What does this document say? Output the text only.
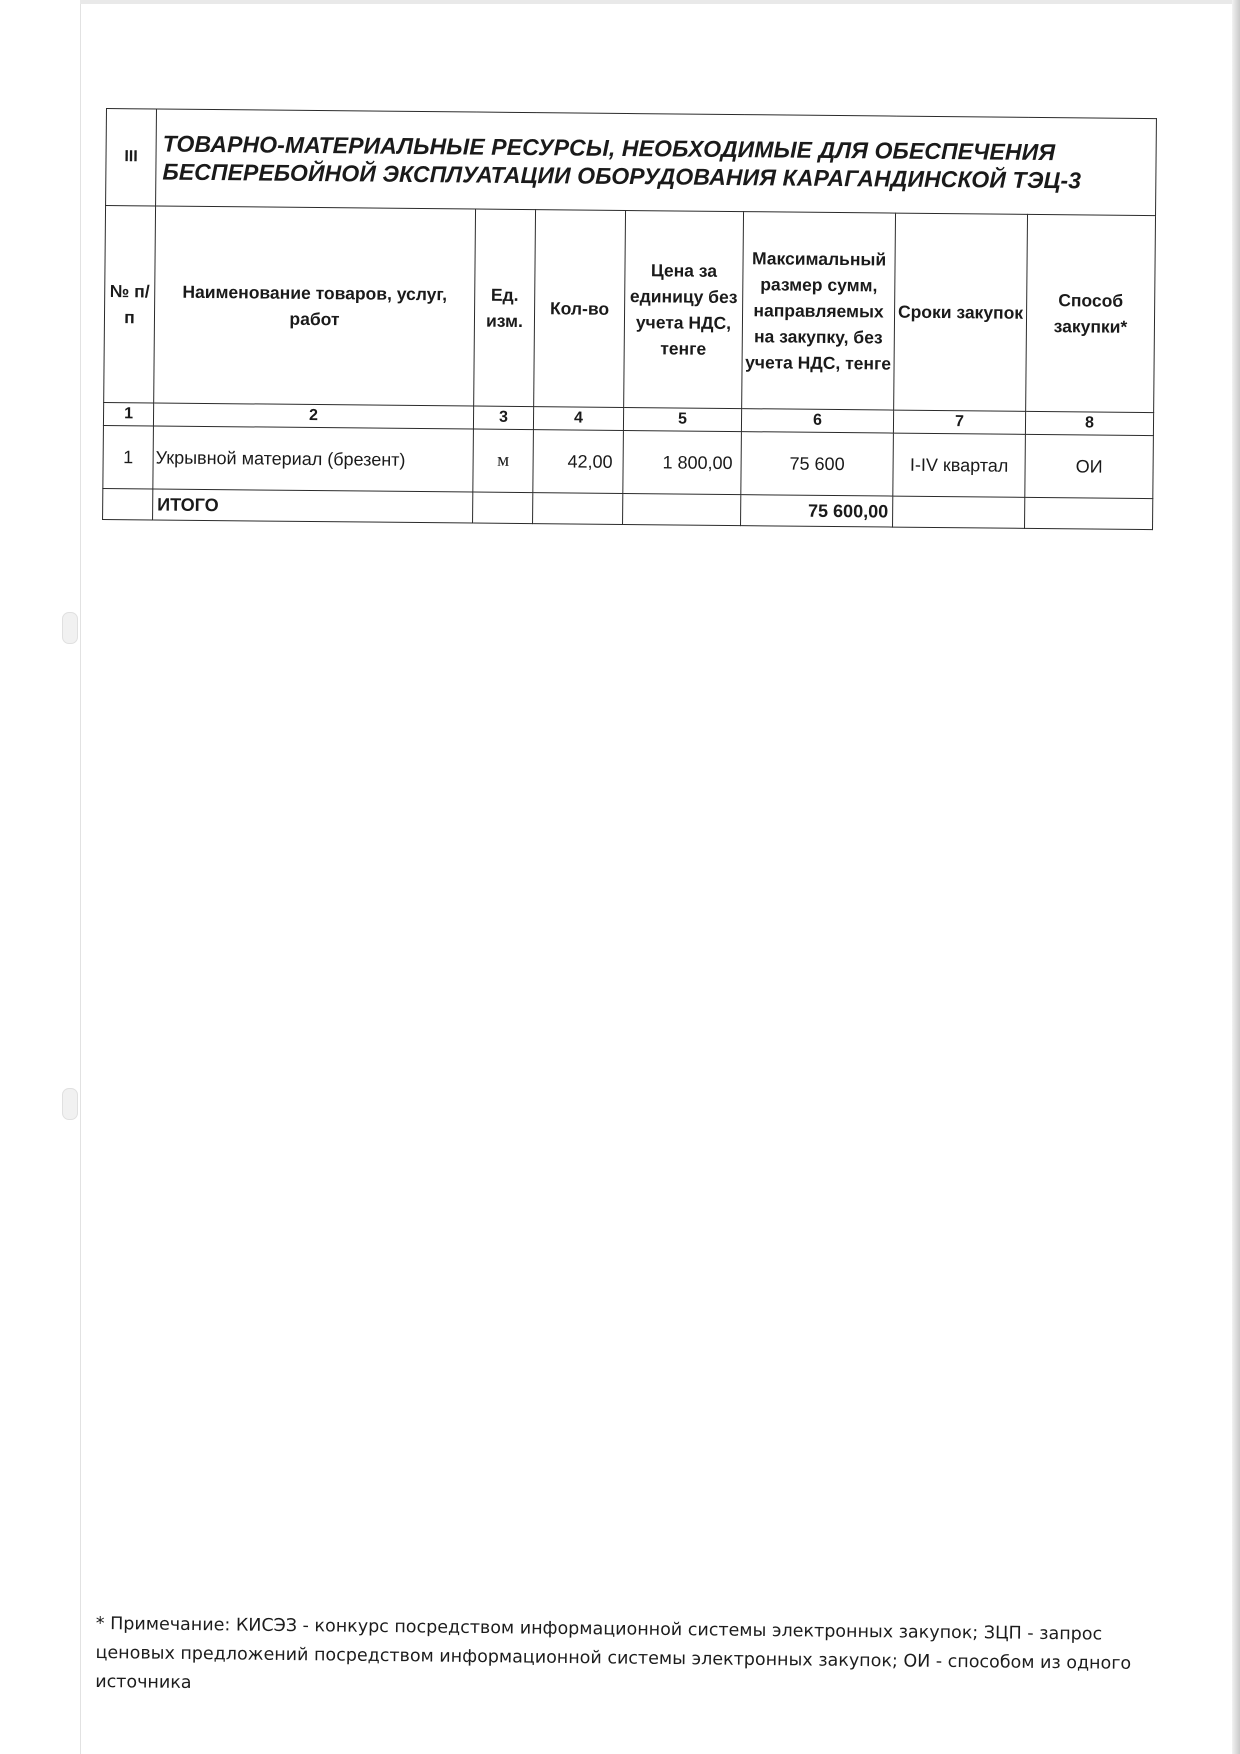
III	ТОВАРНО-МАТЕРИАЛЬНЫЕ РЕСУРСЫ, НЕОБХОДИМЫЕ ДЛЯ ОБЕСПЕЧЕНИЯ БЕСПЕРЕБОЙНОЙ ЭКСПЛУАТАЦИИ ОБОРУДОВАНИЯ КАРАГАНДИНСКОЙ ТЭЦ-3						
№ п/п	Наименование товаров, услуг, работ	Ед. изм.	Кол-во	Цена за единицу без учета НДС, тенге	Максимальный размер сумм, направляемых на закупку, без учета НДС, тенге	Сроки закупок	Способ закупки*
1	2	3	4	5	6	7	8
1	Укрывной материал (брезент)	м	42,00	1 800,00	75 600	I-IV квартал	ОИ
	ИТОГО				75 600,00		
* Примечание: КИСЭЗ - конкурс посредством информационной системы электронных закупок; ЗЦП - запрос ценовых предложений посредством информационной системы электронных закупок; ОИ - способом из одного источника
